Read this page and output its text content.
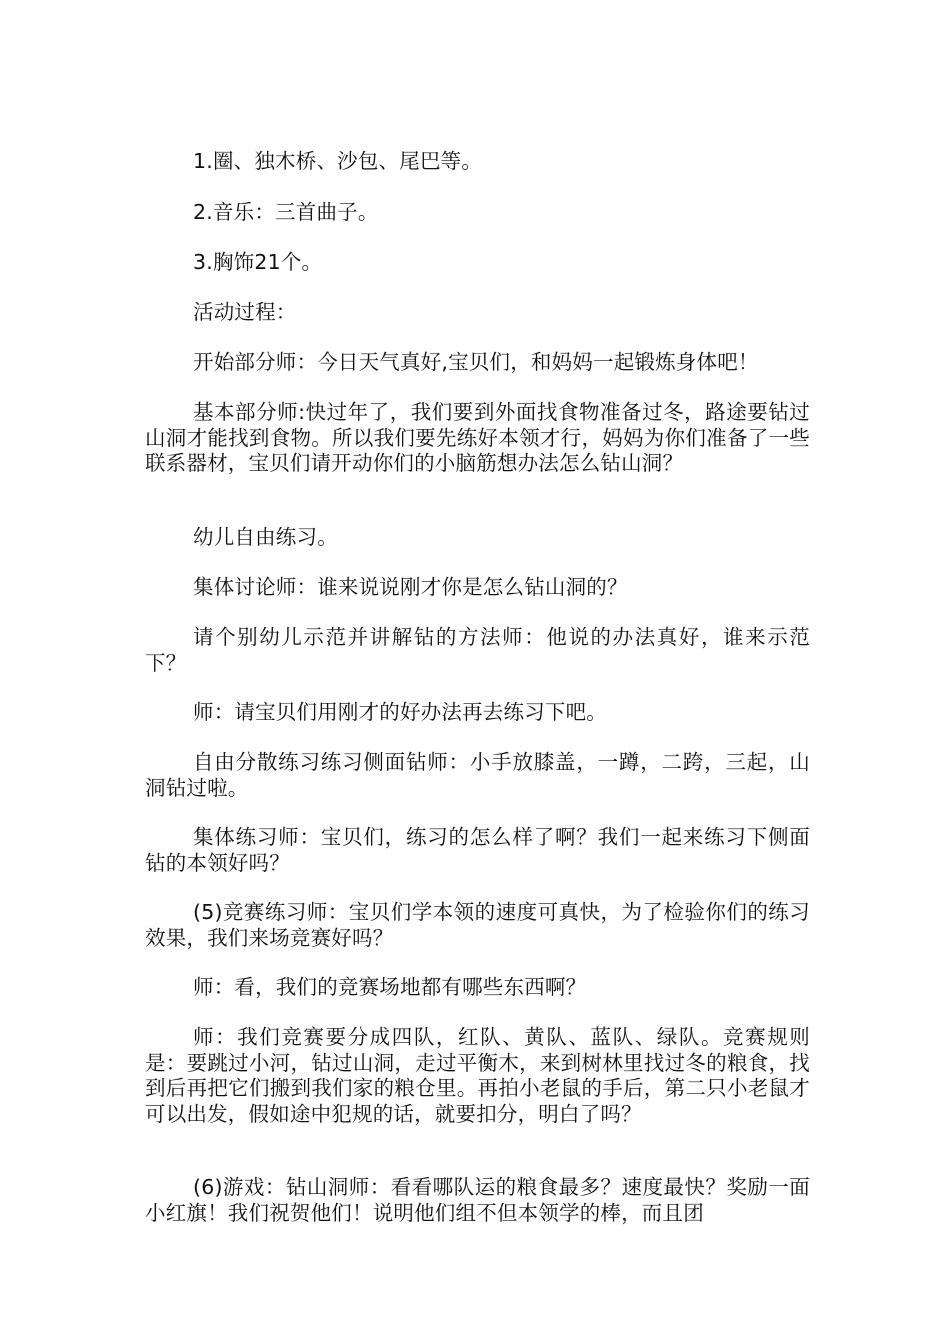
1.圈、独木桥、沙包、尾巴等。

2.音乐：三首曲子。

3.胸饰21个。

活动过程：

开始部分师：今日天气真好,宝贝们，和妈妈一起锻炼身体吧！

基本部分师:快过年了，我们要到外面找食物准备过冬，路途要钻过山洞才能找到食物。所以我们要先练好本领才行，妈妈为你们准备了一些联系器材，宝贝们请开动你们的小脑筋想办法怎么钻山洞？

幼儿自由练习。

集体讨论师：谁来说说刚才你是怎么钻山洞的？

请个别幼儿示范并讲解钻的方法师：他说的办法真好，谁来示范下？

师：请宝贝们用刚才的好办法再去练习下吧。

自由分散练习练习侧面钻师：小手放膝盖，一蹲，二跨，三起，山洞钻过啦。

集体练习师：宝贝们，练习的怎么样了啊？我们一起来练习下侧面钻的本领好吗？

(5)竞赛练习师：宝贝们学本领的速度可真快，为了检验你们的练习效果，我们来场竞赛好吗？

师：看，我们的竞赛场地都有哪些东西啊？

师：我们竞赛要分成四队，红队、黄队、蓝队、绿队。竞赛规则是：要跳过小河，钻过山洞，走过平衡木，来到树林里找过冬的粮食，找到后再把它们搬到我们家的粮仓里。再拍小老鼠的手后，第二只小老鼠才可以出发，假如途中犯规的话，就要扣分，明白了吗？

(6)游戏：钻山洞师：看看哪队运的粮食最多？速度最快？奖励一面小红旗！我们祝贺他们！说明他们组不但本领学的棒，而且团
